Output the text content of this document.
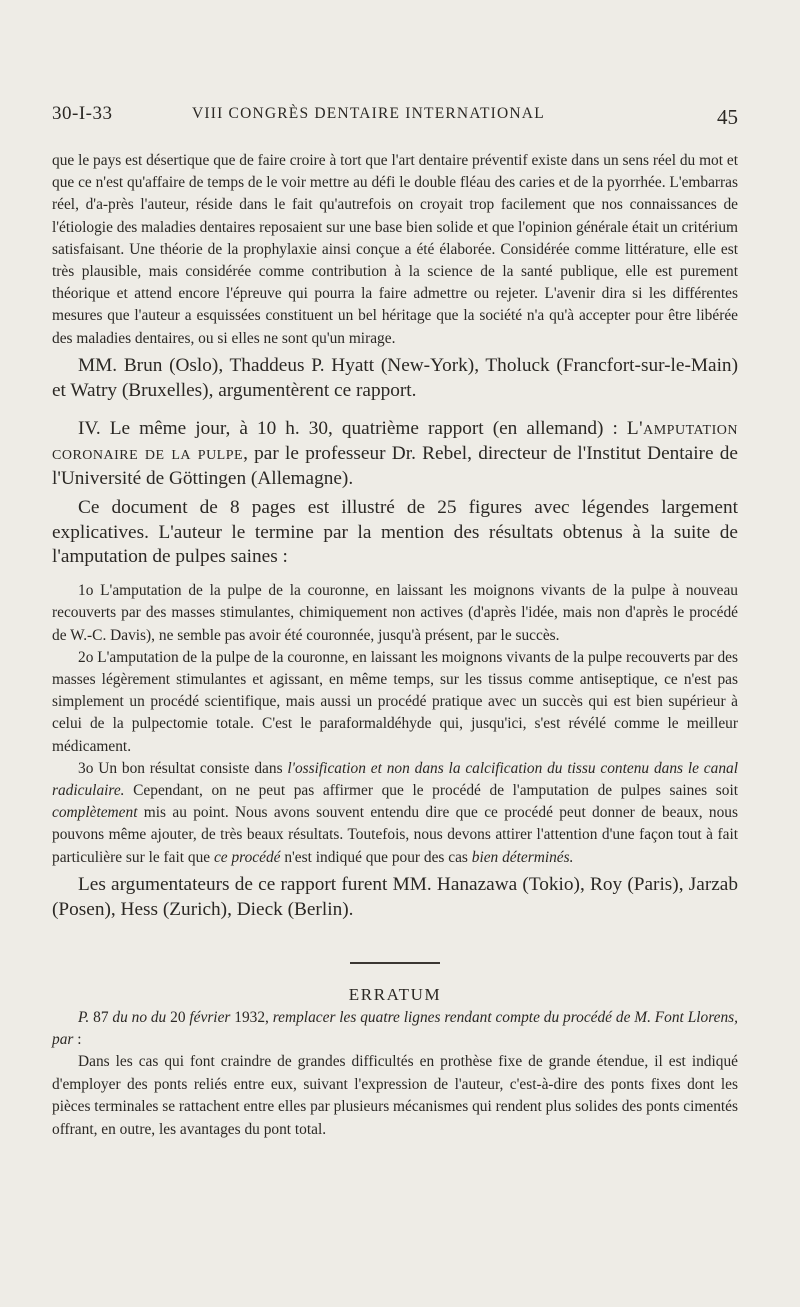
30-I-33	VIII CONGRÈS DENTAIRE INTERNATIONAL	45

que le pays est désertique que de faire croire à tort que l'art dentaire préventif existe dans un sens réel du mot et que ce n'est qu'affaire de temps de le voir mettre au défi le double fléau des caries et de la pyorrhée. L'embarras réel, d'a-près l'auteur, réside dans le fait qu'autrefois on croyait trop facilement que nos connaissances de l'étiologie des maladies dentaires reposaient sur une base bien solide et que l'opinion générale était un critérium satisfaisant. Une théorie de la prophylaxie ainsi conçue a été élaborée. Considérée comme littérature, elle est très plausible, mais considérée comme contribution à la science de la santé publique, elle est purement théorique et attend encore l'épreuve qui pourra la faire admettre ou rejeter. L'avenir dira si les différentes mesures que l'auteur a esquissées constituent un bel héritage que la société n'a qu'à accepter pour être libérée des maladies dentaires, ou si elles ne sont qu'un mirage.

MM. Brun (Oslo), Thaddeus P. Hyatt (New-York), Tholuck (Francfort-sur-le-Main) et Watry (Bruxelles), argumentèrent ce rapport.

IV. Le même jour, à 10 h. 30, quatrième rapport (en allemand) : L'amputation coronaire de la pulpe, par le professeur Dr. Rebel, directeur de l'Institut Dentaire de l'Université de Göttingen (Allemagne).

Ce document de 8 pages est illustré de 25 figures avec légendes largement explicatives. L'auteur le termine par la mention des résultats obtenus à la suite de l'amputation de pulpes saines :

1o L'amputation de la pulpe de la couronne, en laissant les moignons vivants de la pulpe à nouveau recouverts par des masses stimulantes, chimiquement non actives (d'après l'idée, mais non d'après le procédé de W.-C. Davis), ne semble pas avoir été couronnée, jusqu'à présent, par le succès.

2o L'amputation de la pulpe de la couronne, en laissant les moignons vivants de la pulpe recouverts par des masses légèrement stimulantes et agissant, en même temps, sur les tissus comme antiseptique, ce n'est pas simplement un procédé scientifique, mais aussi un procédé pratique avec un succès qui est bien supérieur à celui de la pulpectomie totale. C'est le paraformaldéhyde qui, jusqu'ici, s'est révélé comme le meilleur médicament.

3o Un bon résultat consiste dans l'ossification et non dans la calcification du tissu contenu dans le canal radiculaire. Cependant, on ne peut pas affirmer que le procédé de l'amputation de pulpes saines soit complètement mis au point. Nous avons souvent entendu dire que ce procédé peut donner de beaux, nous pouvons même ajouter, de très beaux résultats. Toutefois, nous devons attirer l'attention d'une façon tout à fait particulière sur le fait que ce procédé n'est indiqué que pour des cas bien déterminés.

Les argumentateurs de ce rapport furent MM. Hanazawa (Tokio), Roy (Paris), Jarzab (Posen), Hess (Zurich), Dieck (Berlin).

ERRATUM

P. 87 du no du 20 février 1932, remplacer les quatre lignes rendant compte du procédé de M. Font Llorens, par :

Dans les cas qui font craindre de grandes difficultés en prothèse fixe de grande étendue, il est indiqué d'employer des ponts reliés entre eux, suivant l'expression de l'auteur, c'est-à-dire des ponts fixes dont les pièces terminales se rattachent entre elles par plusieurs mécanismes qui rendent plus solides des ponts cimentés offrant, en outre, les avantages du pont total.
